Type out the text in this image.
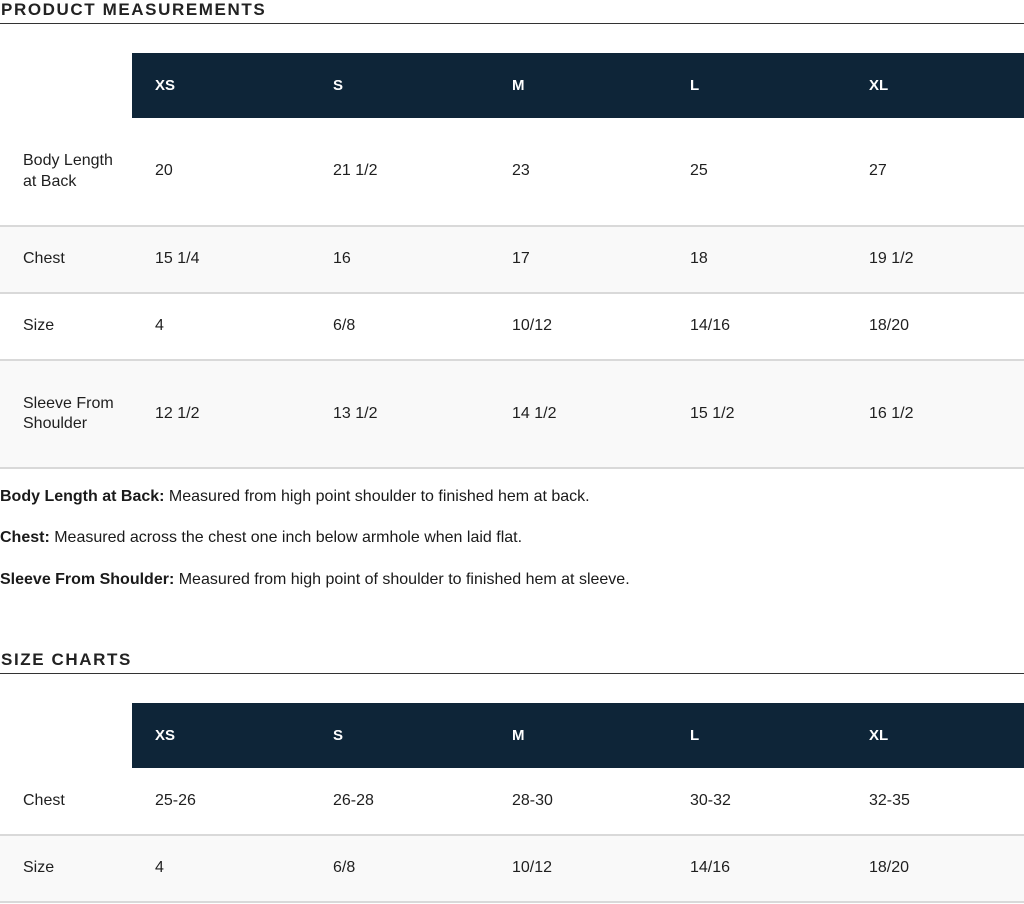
PRODUCT MEASUREMENTS
	XS	S	M	L	XL
Body Length at Back	20	21 1/2	23	25	27
Chest	15 1/4	16	17	18	19 1/2
Size	4	6/8	10/12	14/16	18/20
Sleeve From Shoulder	12 1/2	13 1/2	14 1/2	15 1/2	16 1/2

Body Length at Back: Measured from high point shoulder to finished hem at back.

Chest: Measured across the chest one inch below armhole when laid flat.

Sleeve From Shoulder: Measured from high point of shoulder to finished hem at sleeve.

SIZE CHARTS
	XS	S	M	L	XL
Chest	25-26	26-28	28-30	30-32	32-35
Size	4	6/8	10/12	14/16	18/20
